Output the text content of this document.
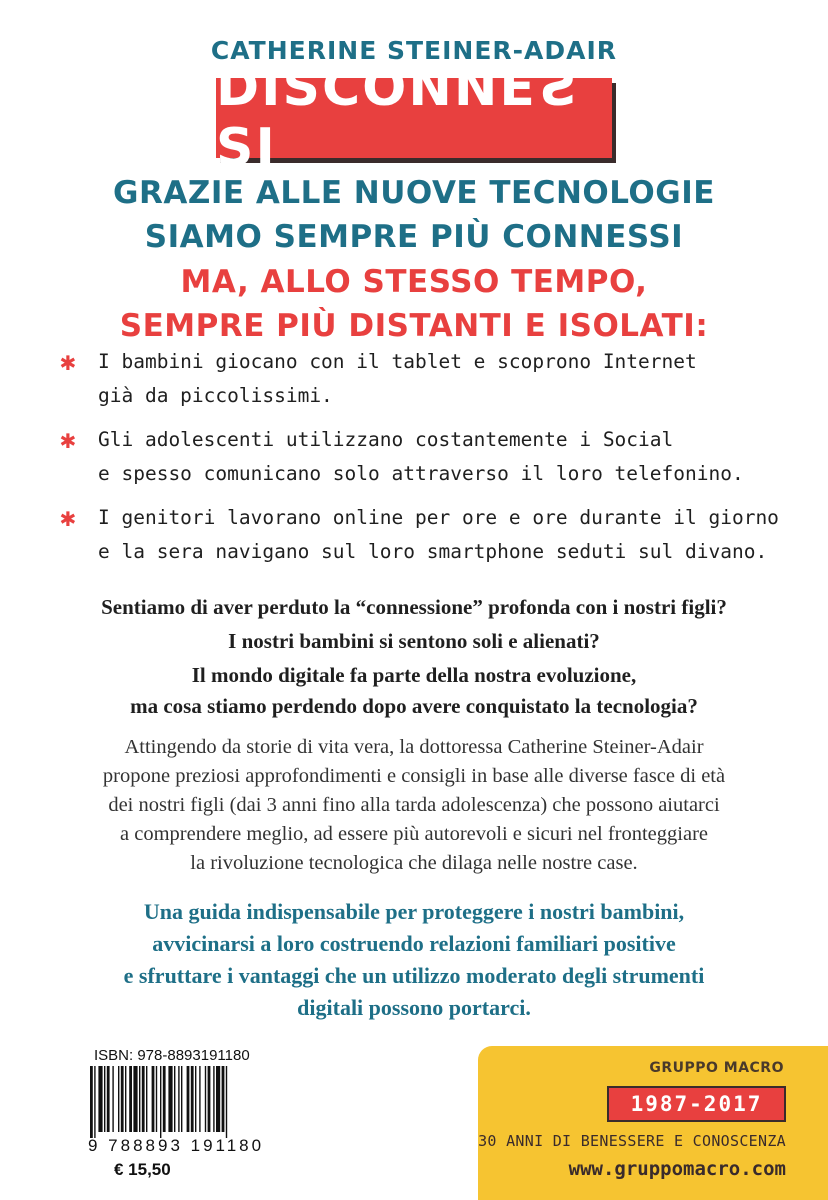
CATHERINE STEINER-ADAIR
DISCONNESSI
GRAZIE ALLE NUOVE TECNOLOGIE
SIAMO SEMPRE PIÙ CONNESSI
MA, ALLO STESSO TEMPO,
SEMPRE PIÙ DISTANTI E ISOLATI:
✱	I bambini giocano con il tablet e scoprono Internet
già da piccolissimi.
✱	Gli adolescenti utilizzano costantemente i Social
e spesso comunicano solo attraverso il loro telefonino.
✱	I genitori lavorano online per ore e ore durante il giorno
e la sera navigano sul loro smartphone seduti sul divano.

Sentiamo di aver perduto la “connessione” profonda con i nostri figli?

I nostri bambini si sentono soli e alienati?

Il mondo digitale fa parte della nostra evoluzione,
ma cosa stiamo perdendo dopo avere conquistato la tecnologia?

Attingendo da storie di vita vera, la dottoressa Catherine Steiner-Adair
propone preziosi approfondimenti e consigli in base alle diverse fasce di età
dei nostri figli (dai 3 anni fino alla tarda adolescenza) che possono aiutarci
a comprendere meglio, ad essere più autorevoli e sicuri nel fronteggiare
la rivoluzione tecnologica che dilaga nelle nostre case.
Una guida indispensabile per proteggere i nostri bambini,
avvicinarsi a loro costruendo relazioni familiari positive
e sfruttare i vantaggi che un utilizzo moderato degli strumenti
digitali possono portarci.
ISBN: 978-8893191180
9 788893 191180
€ 15,50
GRUPPO MACRO
1987-2017
30 ANNI DI BENESSERE E CONOSCENZA
www.gruppomacro.com
